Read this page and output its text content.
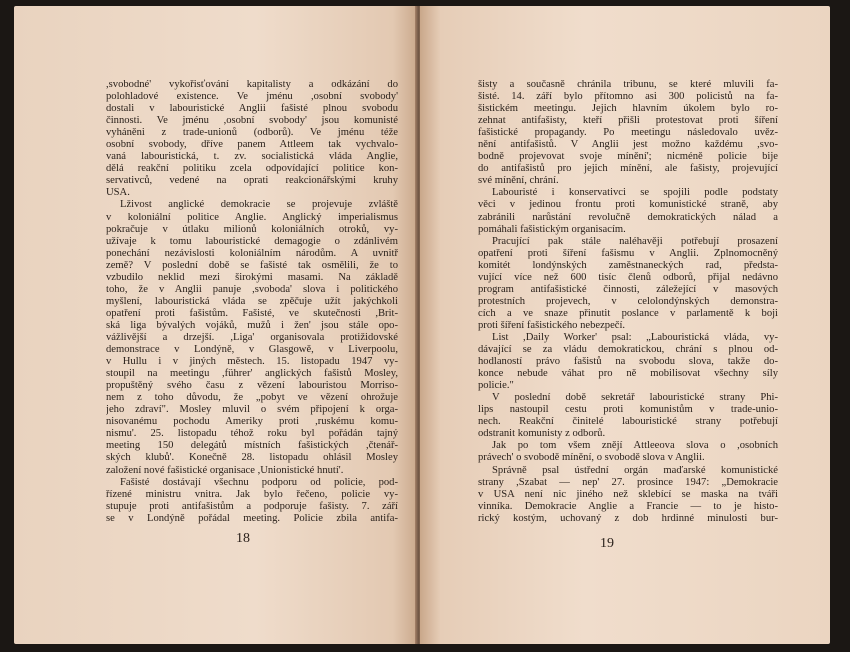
,svobodné' vykořisťování kapitalisty a odkázání do
polohladové existence. Ve jménu ,osobní svobody'
dostali v labouristické Anglii fašisté plnou svobodu
činnosti. Ve jménu ,osobní svobody' jsou komunisté
vyháněni z trade-unionů (odborů). Ve jménu téže
osobní svobody, dříve panem Attleem tak vychvalo-
vaná labouristická, t. zv. socialistická vláda Anglie,
dělá reakční politiku zcela odpovídající politice kon-
servativců, vedené na oprati reakcionářskými kruhy
USA.
Lživost anglické demokracie se projevuje zvláště
v koloniální politice Anglie. Anglický imperialismus
pokračuje v útlaku milionů koloniálních otroků, vy-
užívaje k tomu labouristické demagogie o zdánlivém
ponechání nezávislosti koloniálním národům. A uvnitř
země? V poslední době se fašisté tak osmělili, že to
vzbudilo neklid mezi širokými masami. Na základě
toho, že v Anglii panuje ,svoboda' slova i politického
myšlení, labouristická vláda se zpěčuje užít jakýchkoli
opatření proti fašistům. Fašisté, ve skutečnosti ,Brit-
ská liga bývalých vojáků, mužů i žen' jsou stále opo-
vážlivější a drzejší. ,Liga' organisovala protižidovské
demonstrace v Londýně, v Glasgowě, v Liverpoolu,
v Hullu i v jiných městech. 15. listopadu 1947 vy-
stoupil na meetingu ,führer' anglických fašistů Mosley,
propuštěný svého času z vězení labouristou Morriso-
nem z toho důvodu, že „pobyt ve vězení ohrožuje
jeho zdraví". Mosley mluvil o svém připojení k orga-
nisovanému pochodu Ameriky proti ,ruskému komu-
nismu'. 25. listopadu téhož roku byl pořádán tajný
meeting 150 delegátů místních fašistických ,čtenář-
ských klubů'. Konečně 28. listopadu ohlásil Mosley
založení nové fašistické organisace ,Unionistické hnutí'.
Fašisté dostávají všechnu podporu od policie, pod-
řízené ministru vnitra. Jak bylo řečeno, policie vy-
stupuje proti antifašistům a podporuje fašisty. 7. září
se v Londýně pořádal meeting. Policie zbila antifa-
18
šisty a současně chránila tribunu, se které mluvili fa-
šisté. 14. září bylo přítomno asi 300 policistů na fa-
šistickém meetingu. Jejich hlavním úkolem bylo ro-
zehnat antifašisty, kteří přišli protestovat proti šíření
fašistické propagandy. Po meetingu následovalo uvěz-
nění antifašistů. V Anglii jest možno každému ,svo-
bodně projevovat svoje mínění'; nicméně policie bije
do antifašistů pro jejich mínění, ale fašisty, projevující
své mínění, chrání.
Labouristé i konservativci se spojili podle podstaty
věci v jedinou frontu proti komunistické straně, aby
zabránili narůstání revolučně demokratických nálad a
pomáhali fašistickým organisacím.
Pracující pak stále naléhavěji potřebují prosazení
opatření proti šíření fašismu v Anglii. Zplnomocněný
komitét londýnských zaměstnaneckých rad, předsta-
vující více než 600 tisíc členů odborů, přijal nedávno
program antifašistické činnosti, záležející v masových
protestních projevech, v celolondýnských demonstra-
cích a ve snaze přinutit poslance v parlamentě k boji
proti šíření fašistického nebezpečí.
List ,Daily Worker' psal: „Labouristická vláda, vy-
dávající se za vládu demokratickou, chrání s plnou od-
hodlaností právo fašistů na svobodu slova, takže do-
konce nebude váhat pro ně mobilisovat všechny síly
policie."
V poslední době sekretář labouristické strany Phi-
lips nastoupil cestu proti komunistům v trade-unio-
nech. Reakční činitelé labouristické strany potřebují
odstranit komunisty z odborů.
Jak po tom všem znějí Attleeova slova o ,osobních
právech' o svobodě mínění, o svobodě slova v Anglii.
Správně psal ústřední orgán maďarské komunistické
strany ,Szabat — nep' 27. prosince 1947: „Demokracie
v USA není nic jiného než sklebící se maska na tváři
vinníka. Demokracie Anglie a Francie — to je histo-
rický kostým, uchovaný z dob hrdinné minulosti bur-
19
